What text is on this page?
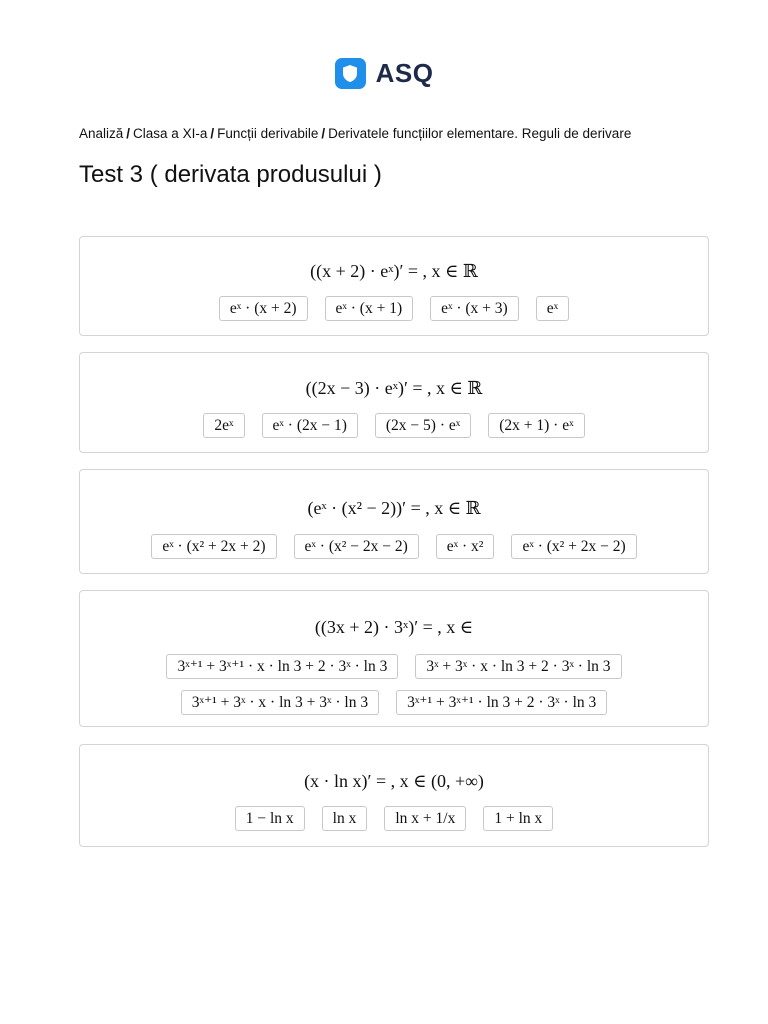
ASQ
Analiză / Clasa a XI-a / Funcții derivabile / Derivatele funcțiilor elementare. Reguli de derivare
Test 3 ( derivata produsului )
((x + 2) · eˣ)′ = , x ∈ ℝ
eˣ · (x + 2)	eˣ · (x + 1)	eˣ · (x + 3)	eˣ
((2x − 3) · eˣ)′ = , x ∈ ℝ
2eˣ	eˣ · (2x − 1)	(2x − 5) · eˣ	(2x + 1) · eˣ
(eˣ · (x² − 2))′ = , x ∈ ℝ
eˣ · (x² + 2x + 2)	eˣ · (x² − 2x − 2)	eˣ · x²	eˣ · (x² + 2x − 2)
((3x + 2) · 3ˣ)′ = , x ∈
3ˣ⁺¹ + 3ˣ⁺¹ · x · ln 3 + 2 · 3ˣ · ln 3	3ˣ + 3ˣ · x · ln 3 + 2 · 3ˣ · ln 3
3ˣ⁺¹ + 3ˣ · x · ln 3 + 3ˣ · ln 3	3ˣ⁺¹ + 3ˣ⁺¹ · ln 3 + 2 · 3ˣ · ln 3
(x · ln x)′ = , x ∈ (0, +∞)
1 − ln x	ln x	ln x + 1/x	1 + ln x
